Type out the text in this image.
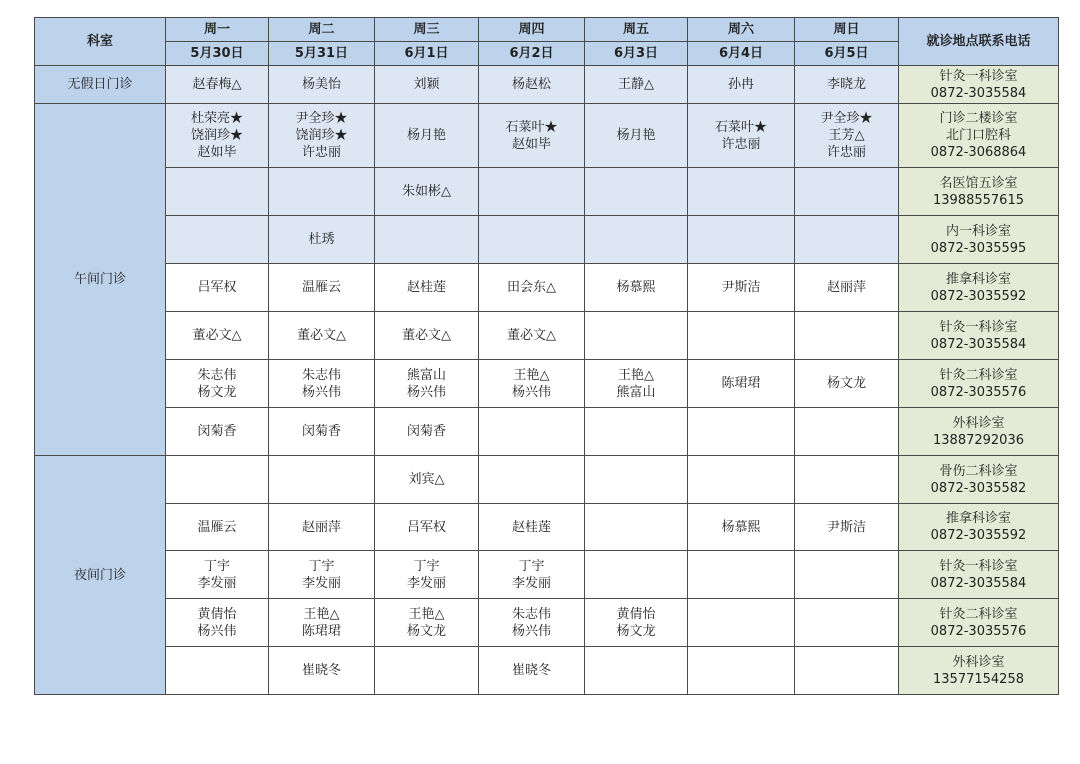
科室	周一	周二	周三	周四	周五	周六	周日	就诊地点联系电话
	5月30日	5月31日	6月1日	6月2日	6月3日	6月4日	6月5日	
无假日门诊	赵春梅△	杨美怡	刘颖	杨赵松	王静△	孙冉	李晓龙	针灸一科诊室
0872-3035584

午间门诊	杜荣亮★
饶润珍★
赵如毕	尹全珍★
饶润珍★
许忠丽	杨月艳	石菜叶★
赵如毕	杨月艳	石菜叶★
许忠丽	尹全珍★
王芳△
许忠丽	门诊二楼诊室
北门口腔科
0872-3068864

			朱如彬△					名医馆五诊室
13988557615

		杜琇						内一科诊室
0872-3035595

	吕军权	温雁云	赵桂莲	田会东△	杨慕熙	尹斯洁	赵丽萍	推拿科诊室
0872-3035592

	董必文△	董必文△	董必文△	董必文△				针灸一科诊室
0872-3035584

	朱志伟
杨文龙	朱志伟
杨兴伟	熊富山
杨兴伟	王艳△
杨兴伟	王艳△
熊富山	陈珺珺	杨文龙	针灸二科诊室
0872-3035576

	闵菊香	闵菊香	闵菊香					外科诊室
13887292036

夜间门诊			刘宾△					骨伤二科诊室
0872-3035582

	温雁云	赵丽萍	吕军权	赵桂莲		杨慕熙	尹斯洁	推拿科诊室
0872-3035592

	丁宇
李发丽	丁宇
李发丽	丁宇
李发丽	丁宇
李发丽				针灸一科诊室
0872-3035584

	黄倩怡
杨兴伟	王艳△
陈珺珺	王艳△
杨文龙	朱志伟
杨兴伟	黄倩怡
杨文龙			针灸二科诊室
0872-3035576

		崔晓冬		崔晓冬				外科诊室
13577154258
